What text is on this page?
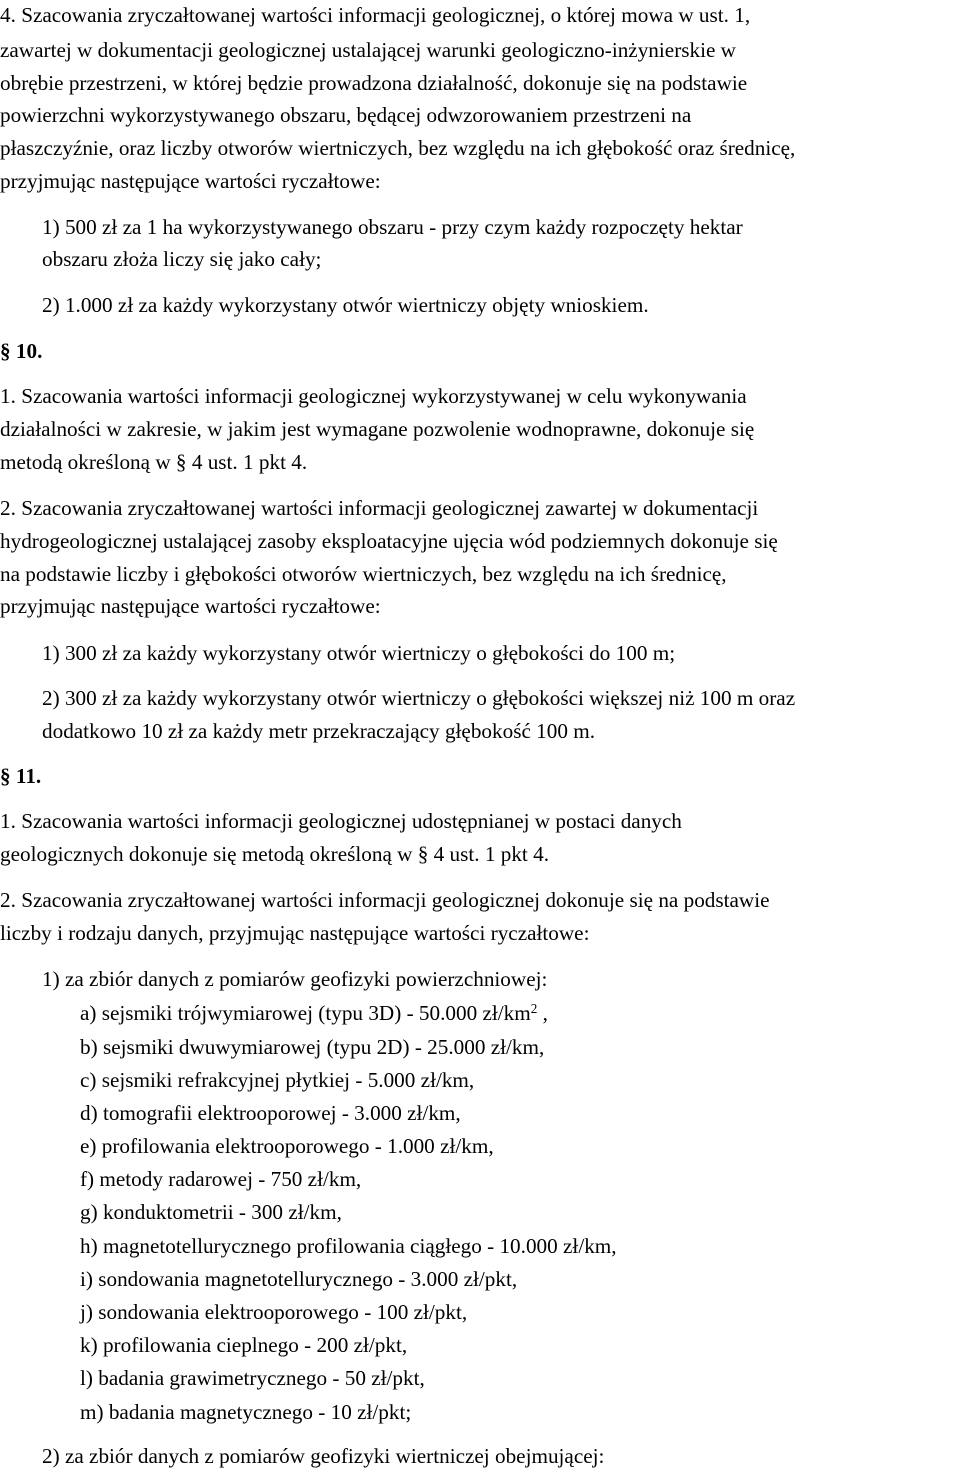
4. Szacowania zryczałtowanej wartości informacji geologicznej, o której mowa w ust. 1,
zawartej w dokumentacji geologicznej ustalającej warunki geologiczno-inżynierskie w
obrębie przestrzeni, w której będzie prowadzona działalność, dokonuje się na podstawie
powierzchni wykorzystywanego obszaru, będącej odwzorowaniem przestrzeni na
płaszczyźnie, oraz liczby otworów wiertniczych, bez względu na ich głębokość oraz średnicę,
przyjmując następujące wartości ryczałtowe:
1) 500 zł za 1 ha wykorzystywanego obszaru - przy czym każdy rozpoczęty hektar
obszaru złoża liczy się jako cały;
2) 1.000 zł za każdy wykorzystany otwór wiertniczy objęty wnioskiem.
§ 10.
1. Szacowania wartości informacji geologicznej wykorzystywanej w celu wykonywania
działalności w zakresie, w jakim jest wymagane pozwolenie wodnoprawne, dokonuje się
metodą określoną w § 4 ust. 1 pkt 4.
2. Szacowania zryczałtowanej wartości informacji geologicznej zawartej w dokumentacji
hydrogeologicznej ustalającej zasoby eksploatacyjne ujęcia wód podziemnych dokonuje się
na podstawie liczby i głębokości otworów wiertniczych, bez względu na ich średnicę,
przyjmując następujące wartości ryczałtowe:
1) 300 zł za każdy wykorzystany otwór wiertniczy o głębokości do 100 m;
2) 300 zł za każdy wykorzystany otwór wiertniczy o głębokości większej niż 100 m oraz
dodatkowo 10 zł za każdy metr przekraczający głębokość 100 m.
§ 11.
1. Szacowania wartości informacji geologicznej udostępnianej w postaci danych
geologicznych dokonuje się metodą określoną w § 4 ust. 1 pkt 4.
2. Szacowania zryczałtowanej wartości informacji geologicznej dokonuje się na podstawie
liczby i rodzaju danych, przyjmując następujące wartości ryczałtowe:
1) za zbiór danych z pomiarów geofizyki powierzchniowej:
a) sejsmiki trójwymiarowej (typu 3D) - 50.000 $zł/km^2$ ,
b) sejsmiki dwuwymiarowej (typu 2D) - 25.000 zł/km,
c) sejsmiki refrakcyjnej płytkiej - 5.000 zł/km,
d) tomografii elektrooporowej - 3.000 zł/km,
e) profilowania elektrooporowego - 1.000 zł/km,
f) metody radarowej - 750 zł/km,
g) konduktometrii - 300 zł/km,
h) magnetotellurycznego profilowania ciągłego - 10.000 zł/km,
i) sondowania magnetotellurycznego - 3.000 zł/pkt,
j) sondowania elektrooporowego - 100 zł/pkt,
k) profilowania cieplnego - 200 zł/pkt,
l) badania grawimetrycznego - 50 zł/pkt,
m) badania magnetycznego - 10 zł/pkt;
2) za zbiór danych z pomiarów geofizyki wiertniczej obejmującej:
